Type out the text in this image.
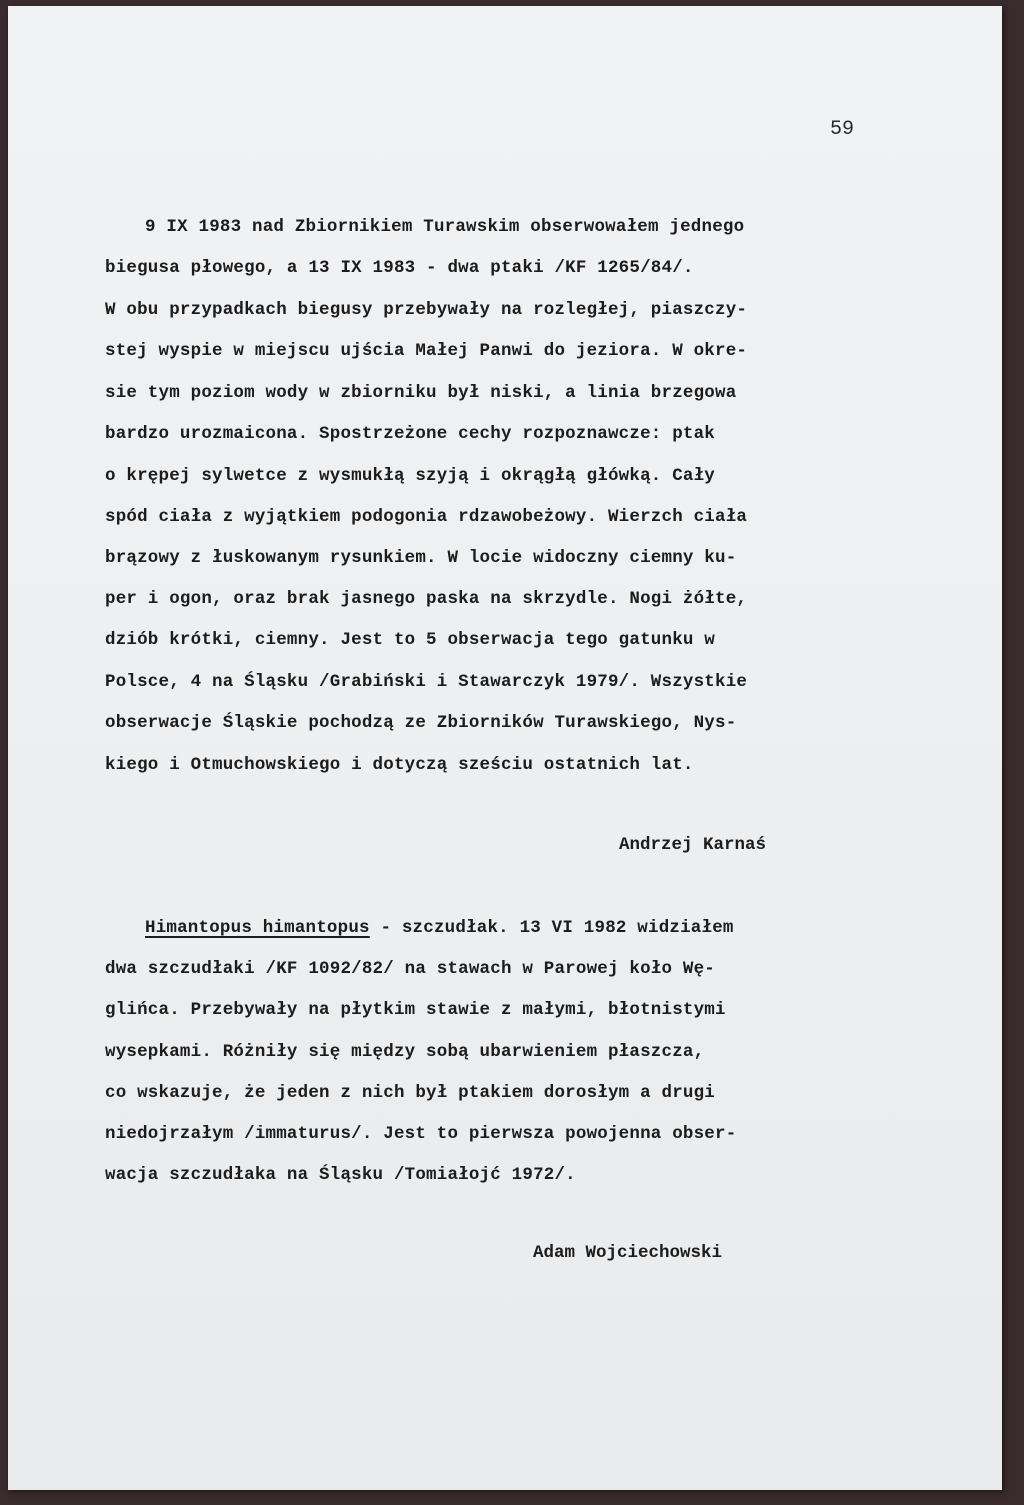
59
9 IX 1983 nad Zbiornikiem Turawskim obserwowałem jednego
biegusa płowego, a 13 IX 1983 - dwa ptaki /KF 1265/84/.
W obu przypadkach biegusy przebywały na rozległej, piaszczy-
stej wyspie w miejscu ujścia Małej Panwi do jeziora. W okre-
sie tym poziom wody w zbiorniku był niski, a linia brzegowa
bardzo urozmaicona. Spostrzeżone cechy rozpoznawcze: ptak
o krępej sylwetce z wysmukłą szyją i okrągłą główką. Cały
spód ciała z wyjątkiem podogonia rdzawobeżowy. Wierzch ciała
brązowy z łuskowanym rysunkiem. W locie widoczny ciemny ku-
per i ogon, oraz brak jasnego paska na skrzydle. Nogi żółte,
dziób krótki, ciemny. Jest to 5 obserwacja tego gatunku w
Polsce, 4 na Śląsku /Grabiński i Stawarczyk 1979/. Wszystkie
obserwacje Śląskie pochodzą ze Zbiorników Turawskiego, Nys-
kiego i Otmuchowskiego i dotyczą sześciu ostatnich lat.
Andrzej Karnaś
Himantopus himantopus - szczudłak. 13 VI 1982 widziałem
dwa szczudłaki /KF 1092/82/ na stawach w Parowej koło Wę-
glińca. Przebywały na płytkim stawie z małymi, błotnistymi
wysepkami. Różniły się między sobą ubarwieniem płaszcza,
co wskazuje, że jeden z nich był ptakiem dorosłym a drugi
niedojrzałym /immaturus/. Jest to pierwsza powojenna obser-
wacja szczudłaka na Śląsku /Tomiałojć 1972/.
Adam Wojciechowski
